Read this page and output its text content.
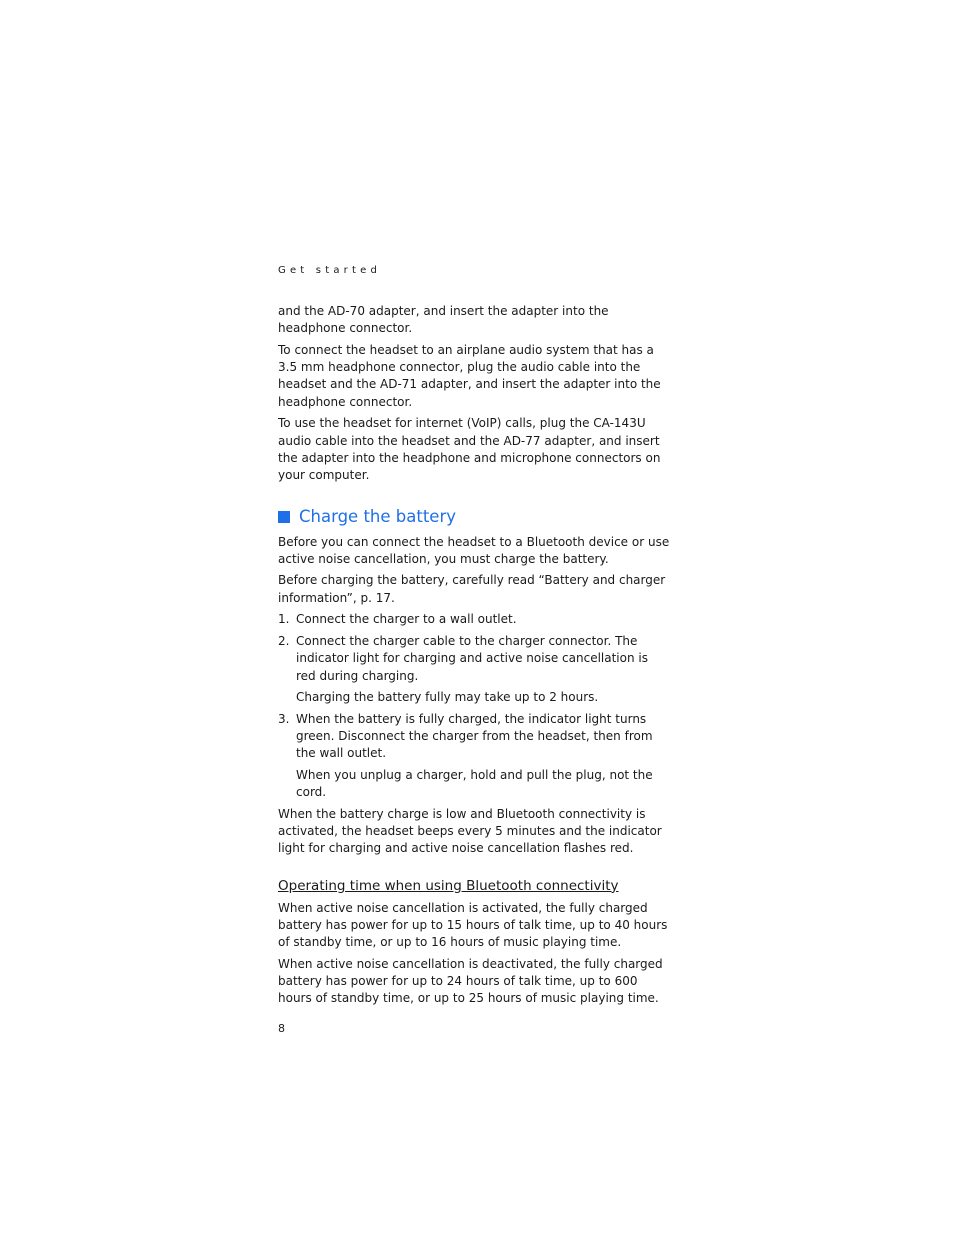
Get started

and the AD-70 adapter, and insert the adapter into the headphone connector.

To connect the headset to an airplane audio system that has a 3.5 mm headphone connector, plug the audio cable into the headset and the AD-71 adapter, and insert the adapter into the headphone connector.

To use the headset for internet (VoIP) calls, plug the CA-143U audio cable into the headset and the AD-77 adapter, and insert the adapter into the headphone and microphone connectors on your computer.

Charge the battery

Before you can connect the headset to a Bluetooth device or use active noise cancellation, you must charge the battery.

Before charging the battery, carefully read “Battery and charger information”, p. 17.

1. Connect the charger to a wall outlet.

2. Connect the charger cable to the charger connector. The indicator light for charging and active noise cancellation is red during charging.

Charging the battery fully may take up to 2 hours.

3. When the battery is fully charged, the indicator light turns green. Disconnect the charger from the headset, then from the wall outlet.

When you unplug a charger, hold and pull the plug, not the cord.

When the battery charge is low and Bluetooth connectivity is activated, the headset beeps every 5 minutes and the indicator light for charging and active noise cancellation flashes red.

Operating time when using Bluetooth connectivity

When active noise cancellation is activated, the fully charged battery has power for up to 15 hours of talk time, up to 40 hours of standby time, or up to 16 hours of music playing time.

When active noise cancellation is deactivated, the fully charged battery has power for up to 24 hours of talk time, up to 600 hours of standby time, or up to 25 hours of music playing time.

8
